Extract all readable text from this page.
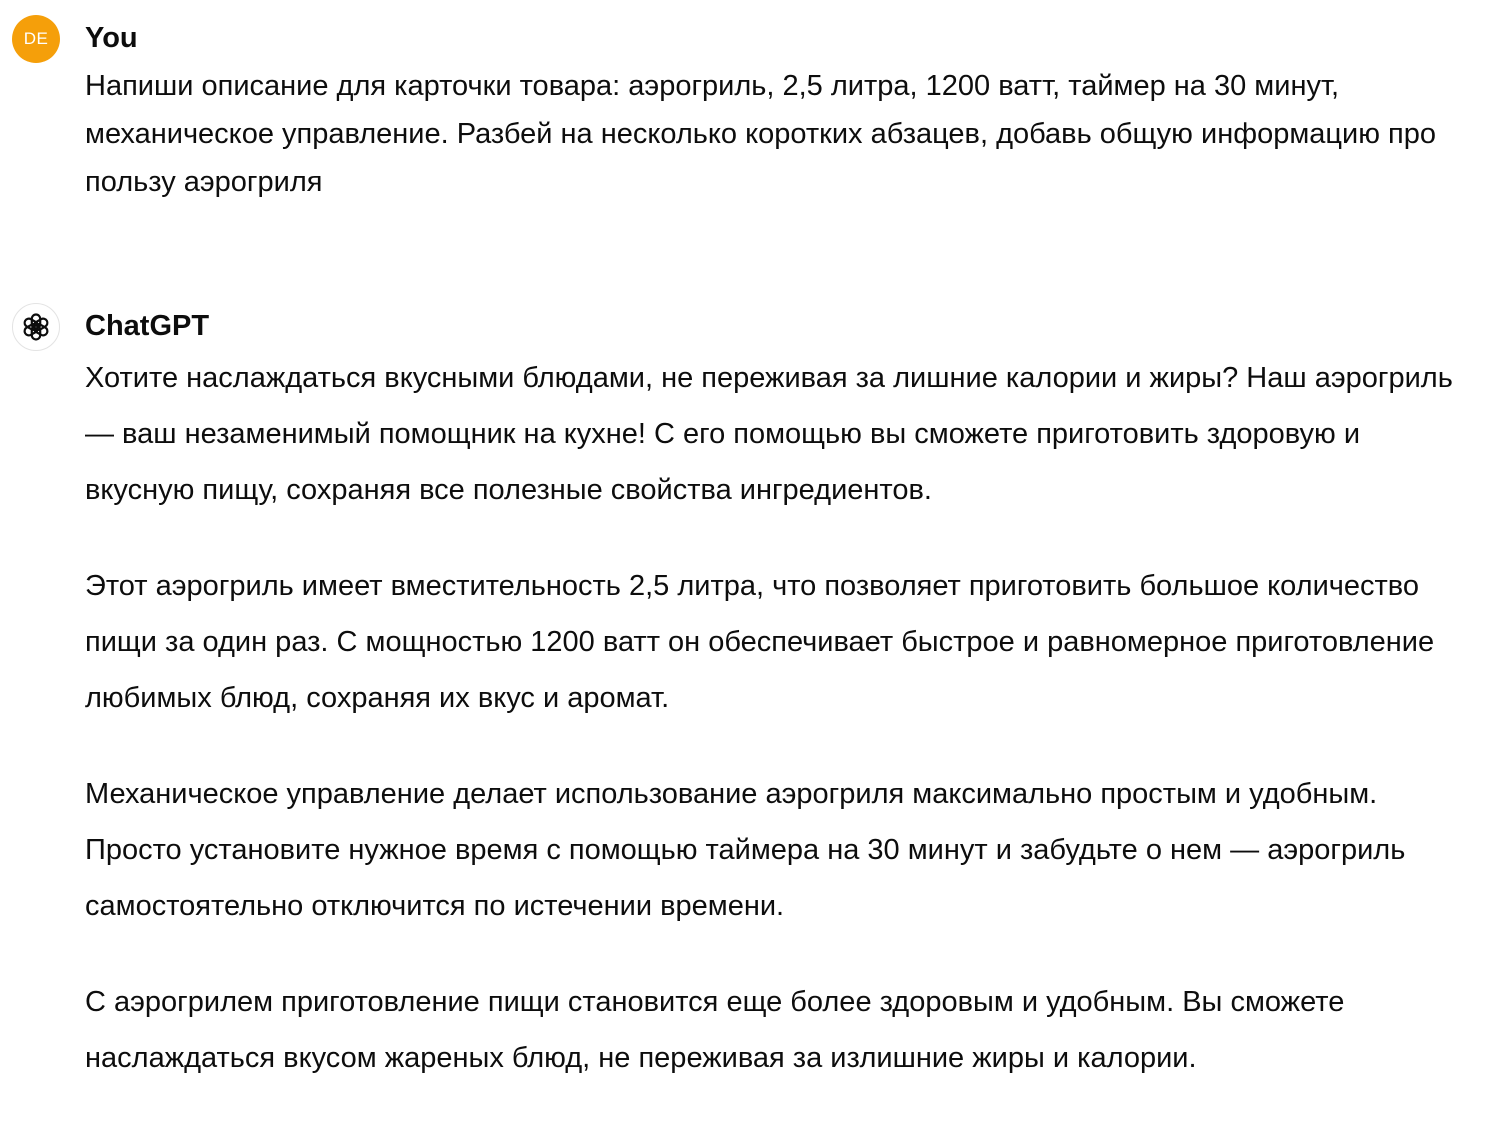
DE You

Напиши описание для карточки товара: аэрогриль, 2,5 литра, 1200 ватт, таймер на 30 минут, механическое управление. Разбей на несколько коротких абзацев, добавь общую информацию про пользу аэрогриля

ChatGPT

Хотите наслаждаться вкусными блюдами, не переживая за лишние калории и жиры? Наш аэрогриль — ваш незаменимый помощник на кухне! С его помощью вы сможете приготовить здоровую и вкусную пищу, сохраняя все полезные свойства ингредиентов.

Этот аэрогриль имеет вместительность 2,5 литра, что позволяет приготовить большое количество пищи за один раз. С мощностью 1200 ватт он обеспечивает быстрое и равномерное приготовление любимых блюд, сохраняя их вкус и аромат.

Механическое управление делает использование аэрогриля максимально простым и удобным. Просто установите нужное время с помощью таймера на 30 минут и забудьте о нем — аэрогриль самостоятельно отключится по истечении времени.

С аэрогрилем приготовление пищи становится еще более здоровым и удобным. Вы сможете наслаждаться вкусом жареных блюд, не переживая за излишние жиры и калории.
